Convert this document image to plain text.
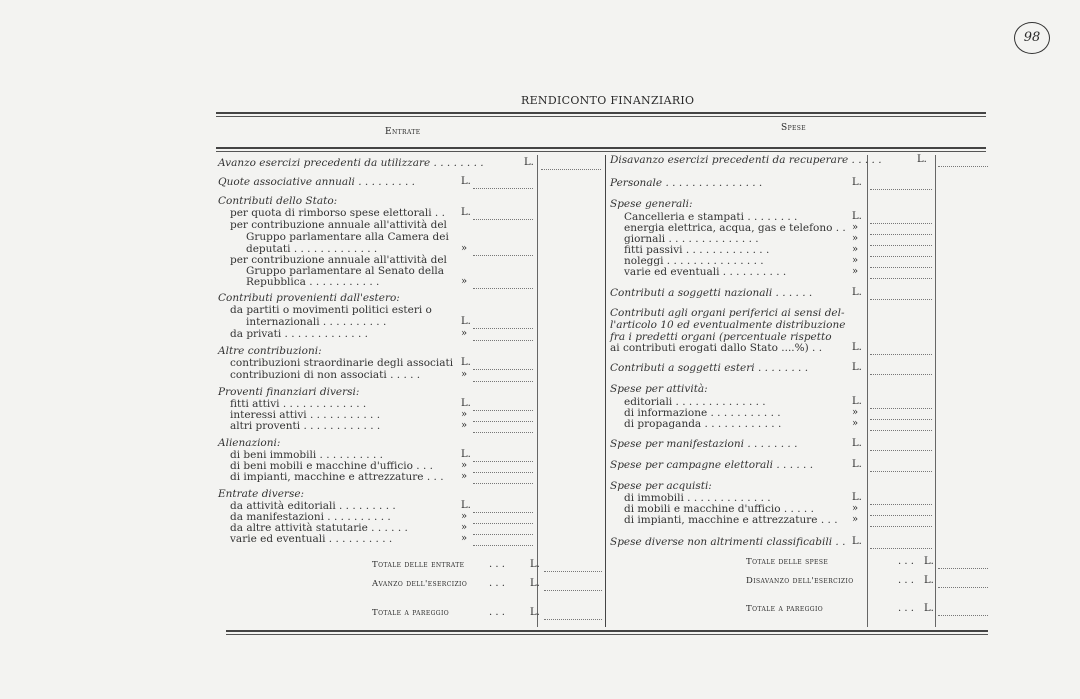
98
RENDICONTO FINANZIARIO
Entrate	Spese
Avanzo esercizi precedenti da utilizzare . . . . . . . .	L.
Quote associative annuali . . . . . . . . .	L.
Contributi dello Stato:
per quota di rimborso spese elettorali . . L.
per contribuzione annuale all'attività del
Gruppo parlamentare alla Camera dei
deputati . . . . . . . . . . . . .	»
per contribuzione annuale all'attività del
Gruppo parlamentare al Senato della
Repubblica . . . . . . . . . . .	»
Contributi provenienti dall'estero:
da partiti o movimenti politici esteri o
internazionali . . . . . . . . . .	L.
da privati . . . . . . . . . . . . .	»
Altre contribuzioni:
contribuzioni straordinarie degli associati L.
contribuzioni di non associati . . . . .	»
Proventi finanziari diversi:
fitti attivi . . . . . . . . . . . . .	L.
interessi attivi . . . . . . . . . . .	»
altri proventi . . . . . . . . . . . .	»
Alienazioni:
di beni immobili . . . . . . . . . .	L.
di beni mobili e macchine d'ufficio . . .	»
di impianti, macchine e attrezzature . . . »
Entrate diverse:
da attività editoriali . . . . . . . . .	L.
da manifestazioni . . . . . . . . . .	»
da altre attività statutarie . . . . . .	»
varie ed eventuali . . . . . . . . . .	»
Totale delle entrate . . .	L.
Avanzo dell'esercizio . . .	L.
Totale a pareggio	. . .	L.
Disavanzo esercizi precedenti da recuperare . . . . .	L.
Personale . . . . . . . . . . . . . . .	L.
Spese generali:
Cancelleria e stampati . . . . . . . .	L.
energia elettrica, acqua, gas e telefono . . »
giornali . . . . . . . . . . . . . .	»
fitti passivi . . . . . . . . . . . . .	»
noleggi . . . . . . . . . . . . . . .	»
varie ed eventuali . . . . . . . . . .	»
Contributi a soggetti nazionali . . . . . .	L.
Contributi agli organi periferici ai sensi del-
l'articolo 10 ed eventualmente distribuzione
fra i predetti organi (percentuale rispetto
ai contributi erogati dallo Stato ....%) . .	L.
Contributi a soggetti esteri . . . . . . . .	L.
Spese per attività:
editoriali . . . . . . . . . . . . . .	L.
di informazione . . . . . . . . . . .	»
di propaganda . . . . . . . . . . . .	»
Spese per manifestazioni . . . . . . . .	L.
Spese per campagne elettorali . . . . . .	L.
Spese per acquisti:
di immobili . . . . . . . . . . . . .	L.
di mobili e macchine d'ufficio . . . . .	»
di impianti, macchine e attrezzature . . . »
Spese diverse non altrimenti classificabili . . L.
Totale delle spese	. . . L.
Disavanzo dell'esercizio	. . . L.
Totale a pareggio	. . . L.
